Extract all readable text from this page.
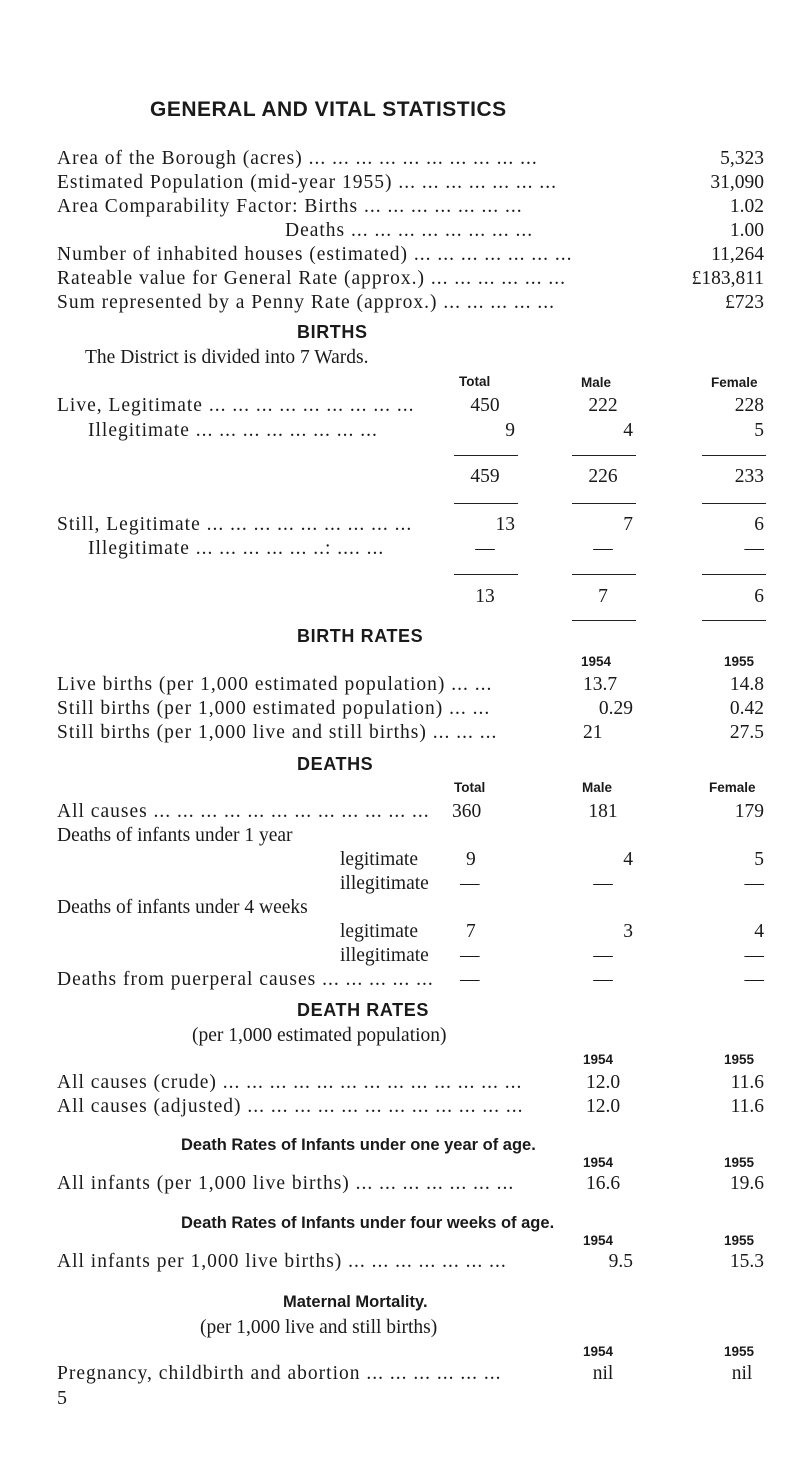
GENERAL AND VITAL STATISTICS
Area of the Borough (acres) ... ... ... ... ... ... ... ... ... ...	5,323
Estimated Population (mid-year 1955) ... ... ... ... ... ... ...	31,090
Area Comparability Factor: Births ... ... ... ... ... ... ...	1.02
Deaths ... ... ... ... ... ... ... ...	1.00
Number of inhabited houses (estimated) ... ... ... ... ... ... ...	11,264
Rateable value for General Rate (approx.) ... ... ... ... ... ...	£183,811
Sum represented by a Penny Rate (approx.) ... ... ... ... ...	£723
BIRTHS
The District is divided into 7 Wards.
Total	Male	Female
Live, Legitimate ... ... ... ... ... ... ... ... ...	450	222	228
Illegitimate ... ... ... ... ... ... ... ...	9	4	5
459	226	233
Still, Legitimate ... ... ... ... ... ... ... ... ...	13	7	6
Illegitimate ... ... ... ... ... ..: .... ...	—	—	—
13	7	6
BIRTH RATES
1954	1955
Live births (per 1,000 estimated population) ... ...	13.7	14.8
Still births (per 1,000 estimated population) ... ...	0.29	0.42
Still births (per 1,000 live and still births) ... ... ...	21	27.5
DEATHS
Total	Male	Female
All causes ... ... ... ... ... ... ... ... ... ... ... ... 360	181	179
Deaths of infants under 1 year
legitimate 9	4	5
illegitimate —	—	—
Deaths of infants under 4 weeks
legitimate 7	3	4
illegitimate —	—	—
Deaths from puerperal causes ... ... ... ... ... —	—	—
DEATH RATES
(per 1,000 estimated population)
1954	1955
All causes (crude) ... ... ... ... ... ... ... ... ... ... ... ... ...	12.0	11.6
All causes (adjusted) ... ... ... ... ... ... ... ... ... ... ... ...	12.0	11.6
Death Rates of Infants under one year of age.
1954	1955
All infants (per 1,000 live births) ... ... ... ... ... ... ...	16.6	19.6
Death Rates of Infants under four weeks of age.
1954	1955
All infants per 1,000 live births) ... ... ... ... ... ... ...	9.5	15.3
Maternal Mortality.
(per 1,000 live and still births)
1954	1955
Pregnancy, childbirth and abortion ... ... ... ... ... ...	nil	nil
5
